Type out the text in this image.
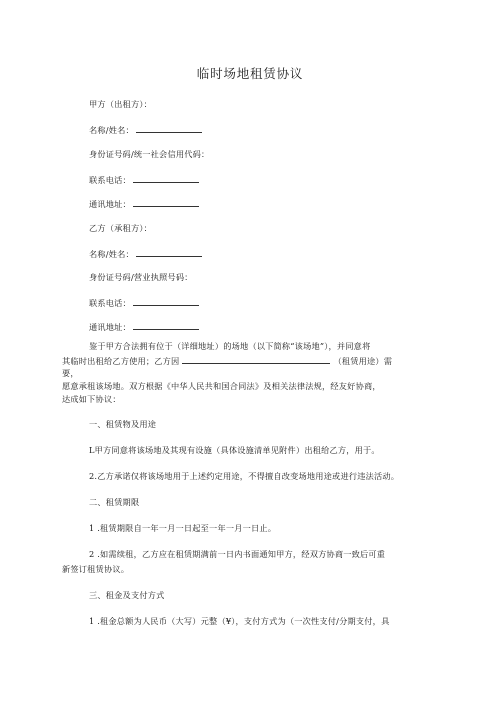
临时场地租赁协议
甲方（出租方）：
名称/姓名：
身份证号码/统一社会信用代码：
联系电话：
通讯地址：
乙方（承租方）：
名称/姓名：
身份证号码/营业执照号码：
联系电话：
通讯地址：
鉴于甲方合法拥有位于（详细地址）的场地（以下简称“该场地”），并同意将
其临时出租给乙方使用；乙方因	（租赁用途）需
要，
愿意承租该场地。双方根据《中华人民共和国合同法》及相关法律法规，经友好协商，
达成如下协议：
一、租赁物及用途
L甲方同意将该场地及其现有设施（具体设施清单见附件）出租给乙方，用于。
2.乙方承诺仅将该场地用于上述约定用途，不得擅自改变场地用途或进行违法活动。
二、租赁期限
1 .租赁期限自一年一月一日起至一年一月一日止。
2 .如需续租，乙方应在租赁期满前一日内书面通知甲方，经双方协商一致后可重
新签订租赁协议。
三、租金及支付方式
1 .租金总额为人民币（大写）元整（¥），支付方式为（一次性支付/分期支付，具
